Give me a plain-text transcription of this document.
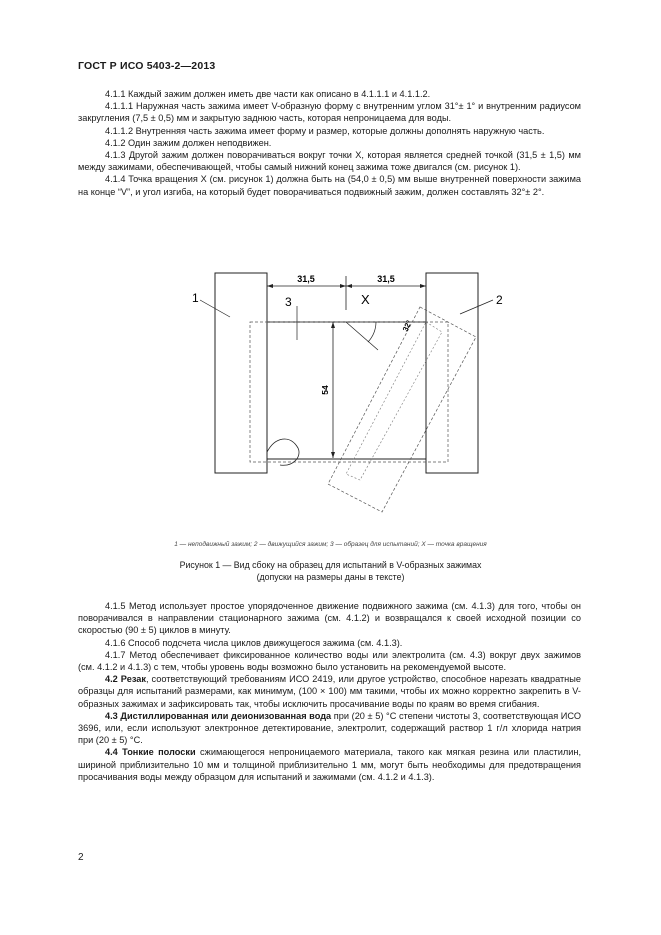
ГОСТ Р ИСО 5403-2—2013

4.1.1 Каждый зажим должен иметь две части как описано в 4.1.1.1 и 4.1.1.2.

4.1.1.1 Наружная часть зажима имеет V-образную форму с внутренним углом 31°± 1° и внутренним радиусом закругления (7,5 ± 0,5) мм и закрытую заднюю часть, которая непроницаема для воды.

4.1.1.2 Внутренняя часть зажима имеет форму и размер, которые должны дополнять наружную часть.

4.1.2 Один зажим должен неподвижен.

4.1.3 Другой зажим должен поворачиваться вокруг точки X, которая является средней точкой (31,5 ± 1,5) мм между зажимами, обеспечивающей, чтобы самый нижний конец зажима тоже двигался (см. рисунок 1).

4.1.4 Точка вращения X (см. рисунок 1) должна быть на (54,0 ± 0,5) мм выше внутренней поверхности зажима на конце “V”, и угол изгиба, на который будет поворачиваться подвижный зажим, должен составлять 32°± 2°.

31,5	31,5
X
54
32°
1	3	2
1 — неподвижный зажим; 2 — движущийся зажим; 3 — образец для испытаний; X — точка вращения
Рисунок 1 — Вид сбоку на образец для испытаний в V-образных зажимах
(допуски на размеры даны в тексте)

4.1.5 Метод использует простое упорядоченное движение подвижного зажима (см. 4.1.3) для того, чтобы он поворачивался в направлении стационарного зажима (см. 4.1.2) и возвращался к своей исходной позиции со скоростью (90 ± 5) циклов в минуту.

4.1.6 Способ подсчета числа циклов движущегося зажима (см. 4.1.3).

4.1.7 Метод обеспечивает фиксированное количество воды или электролита (см. 4.3) вокруг двух зажимов (см. 4.1.2 и 4.1.3) с тем, чтобы уровень воды возможно было установить на рекомендуемой высоте.

4.2 Резак, соответствующий требованиям ИСО 2419, или другое устройство, способное нарезать квадратные образцы для испытаний размерами, как минимум, (100 × 100) мм такими, чтобы их можно корректно закрепить в V-образных зажимах и зафиксировать так, чтобы исключить просачивание воды по краям во время сгибания.

4.3 Дистиллированная или деионизованная вода при (20 ± 5) °С степени чистоты 3, соответствующая ИСО 3696, или, если используют электронное детектирование, электролит, содержащий раствор 1 г/л хлорида натрия при (20 ± 5) °С.

4.4 Тонкие полоски сжимающегося непроницаемого материала, такого как мягкая резина или пластилин, шириной приблизительно 10 мм и толщиной приблизительно 1 мм, могут быть необходимы для предотвращения просачивания воды между образцом для испытаний и зажимами (см. 4.1.2 и 4.1.3).

2
